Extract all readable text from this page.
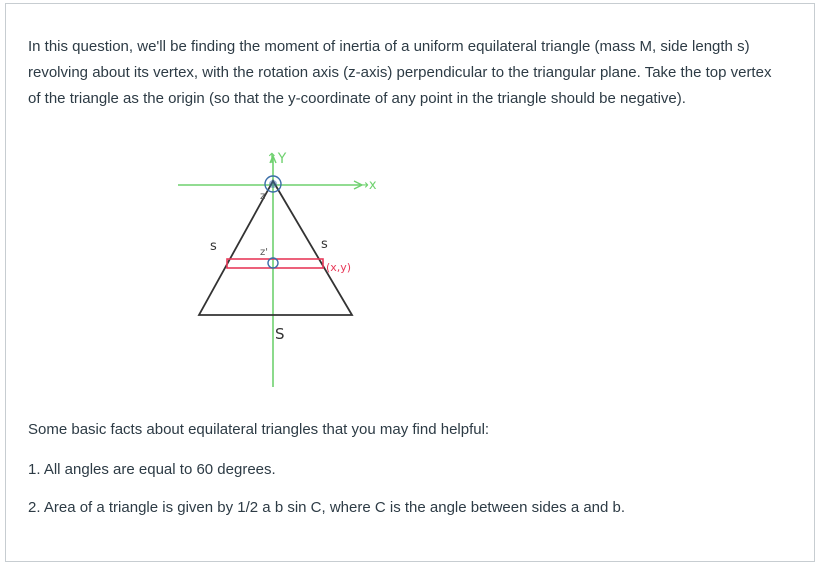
In this question, we'll be finding the moment of inertia of a uniform equilateral triangle (mass M, side length s) revolving about its vertex, with the rotation axis (z-axis) perpendicular to the triangular plane. Take the top vertex of the triangle as the origin (so that the y-coordinate of any point in the triangle should be negative).

↑Y
→x
z
z'
s	s
(x,y)
S

Some basic facts about equilateral triangles that you may find helpful:

1. All angles are equal to 60 degrees.

2. Area of a triangle is given by 1/2 a b sin C, where C is the angle between sides a and b.
